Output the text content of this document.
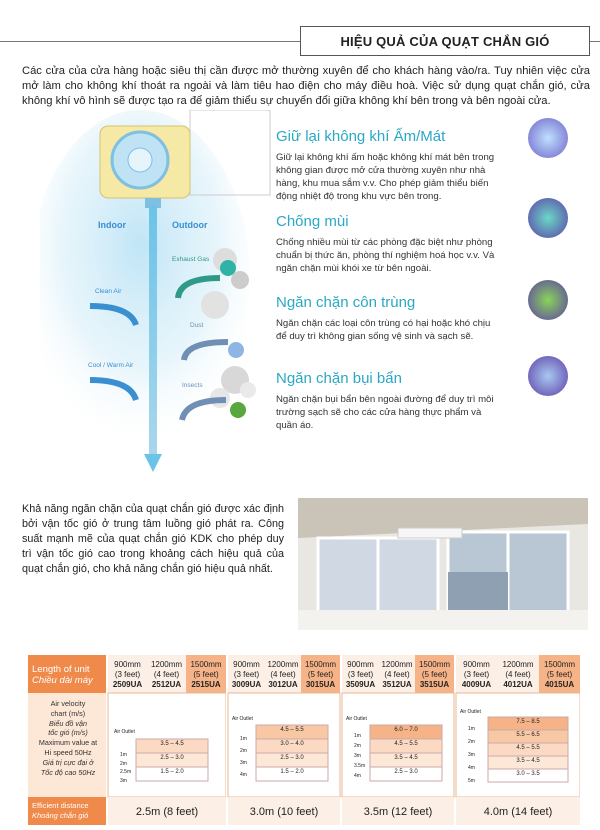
HIỆU QUẢ CỦA QUẠT CHẮN GIÓ
Các cửa của cửa hàng hoặc siêu thị cần được mở thường xuyên để cho khách hàng vào/ra. Tuy nhiên việc cửa mở làm cho không khí thoát ra ngoài và làm tiêu hao điện cho máy điều hoà. Việc sử dụng quạt chắn gió, cửa không khí vô hình sẽ được tạo ra để giảm thiểu sự chuyển đổi giữa không khí bên trong và bên ngoài cửa.
Indoor	Outdoor
Exhaust Gas
Clean Air
Dust
Cool / Warm Air
Insects
Giữ lại không khí Ấm/Mát
Giữ lại không khí ấm hoặc không khí mát bên trong không gian được mở cửa thường xuyên như nhà hàng, khu mua sắm v.v. Cho phép giảm thiểu biến động nhiệt độ trong khu vực bên trong.
Chống mùi
Chống nhiều mùi từ các phòng đặc biệt như phòng chuẩn bị thức ăn, phòng thí nghiệm hoá học v.v. Và ngăn chặn mùi khói xe từ bên ngoài.
Ngăn chặn côn trùng
Ngăn chặn các loại côn trùng có hại hoặc khó chịu để duy trì không gian sống vệ sinh và sạch sẽ.
Ngăn chặn bụi bẩn
Ngăn chặn bụi bẩn bên ngoài đường để duy trì môi trường sạch sẽ cho các cửa hàng thực phẩm và quần áo.
Khả năng ngăn chặn của quạt chắn gió được xác định bởi vận tốc gió ở trung tâm luồng gió phát ra. Công suất mạnh mẽ của quạt chắn gió KDK cho phép duy trì vận tốc gió cao trong khoảng cách hiệu quả của quạt chắn gió, cho khả năng chắn gió hiệu quả nhất.
Length of unit
Chiều dài máy
Air velocity
chart (m/s)
Biểu đồ vận
tốc gió (m/s)
Maximum value at
Hi speed 50Hz
Giá trị cực đại ở
Tốc độ cao 50Hz
Efficient distance
Khoảng chắn gió
900mm
(3 feet)
2509UA
1200mm
(4 feet)
2512UA
1500mm
(5 feet)
2515UA
Air Outlet
1m
2m
2.5m
3m
3.5 – 4.5
2.5 – 3.0
1.5 – 2.0
2.5m (8 feet)
900mm
(3 feet)
3009UA
1200mm
(4 feet)
3012UA
1500mm
(5 feet)
3015UA
Air Outlet
1m
2m
3m
4m
4.5 – 5.5
3.0 – 4.0
2.5 – 3.0
1.5 – 2.0
3.0m (10 feet)
900mm
(3 feet)
3509UA
1200mm
(4 feet)
3512UA
1500mm
(5 feet)
3515UA
Air Outlet
1m
2m
3m
3.5m
4m
6.0 – 7.0
4.5 – 5.5
3.5 – 4.5
2.5 – 3.0
3.5m (12 feet)
900mm
(3 feet)
4009UA
1200mm
(4 feet)
4012UA
1500mm
(5 feet)
4015UA
Air Outlet
1m
2m
3m
4m
5m
7.5 – 8.5
5.5 – 6.5
4.5 – 5.5
3.5 – 4.5
3.0 – 3.5
4.0m (14 feet)
